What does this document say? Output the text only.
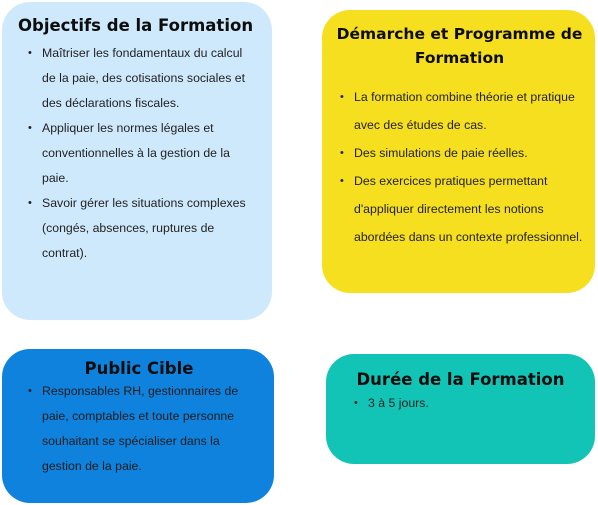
Objectifs de la Formation
• Maîtriser les fondamentaux du calcul de la paie, des cotisations sociales et des déclarations fiscales.
• Appliquer les normes légales et conventionnelles à la gestion de la paie.
• Savoir gérer les situations complexes (congés, absences, ruptures de contrat).
Démarche et Programme de Formation
• La formation combine théorie et pratique avec des études de cas.
• Des simulations de paie réelles.
• Des exercices pratiques permettant d'appliquer directement les notions abordées dans un contexte professionnel.
Public Cible
• Responsables RH, gestionnaires de paie, comptables et toute personne souhaitant se spécialiser dans la gestion de la paie.
Durée de la Formation
• 3 à 5 jours.
